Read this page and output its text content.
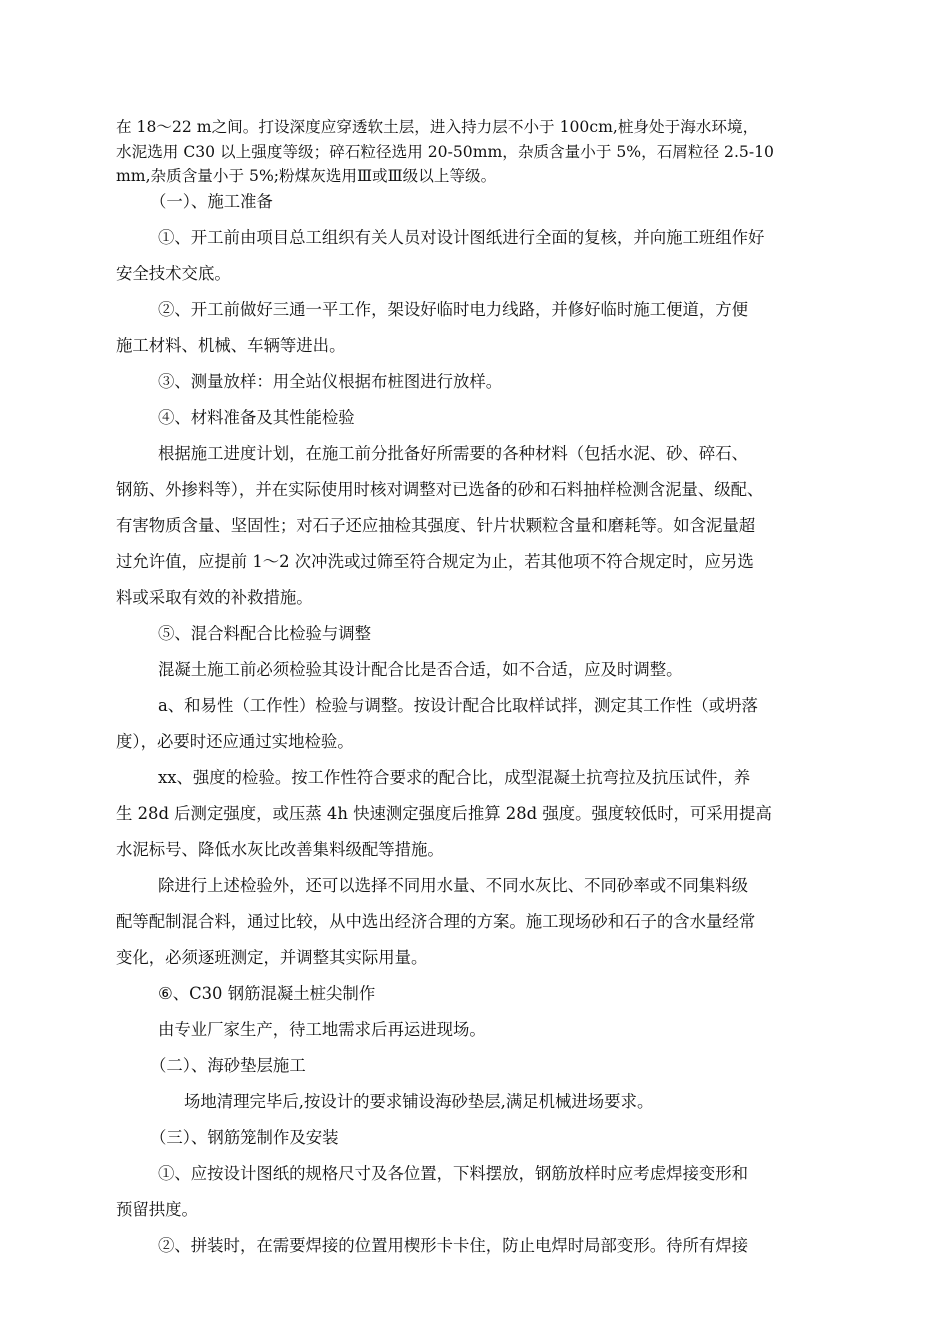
在 18～22 m之间。打设深度应穿透软土层，进入持力层不小于 100cm,桩身处于海水环境，
水泥选用 C30 以上强度等级；碎石粒径选用 20-50mm，杂质含量小于 5%，石屑粒径 2.5-10
mm,杂质含量小于 5%;粉煤灰选用Ⅲ或Ⅲ级以上等级。
（一）、施工准备
①、开工前由项目总工组织有关人员对设计图纸进行全面的复核，并向施工班组作好
安全技术交底。
②、开工前做好三通一平工作，架设好临时电力线路，并修好临时施工便道，方便
施工材料、机械、车辆等进出。
③、测量放样：用全站仪根据布桩图进行放样。
④、材料准备及其性能检验
根据施工进度计划，在施工前分批备好所需要的各种材料（包括水泥、砂、碎石、
钢筋、外掺料等），并在实际使用时核对调整对已选备的砂和石料抽样检测含泥量、级配、
有害物质含量、坚固性；对石子还应抽检其强度、针片状颗粒含量和磨耗等。如含泥量超
过允许值，应提前 1～2 次冲洗或过筛至符合规定为止，若其他项不符合规定时，应另选
料或采取有效的补救措施。
⑤、混合料配合比检验与调整
混凝土施工前必须检验其设计配合比是否合适，如不合适，应及时调整。
a、和易性（工作性）检验与调整。按设计配合比取样试拌，测定其工作性（或坍落
度），必要时还应通过实地检验。
xx、强度的检验。按工作性符合要求的配合比，成型混凝土抗弯拉及抗压试件，养
生 28d 后测定强度，或压蒸 4h 快速测定强度后推算 28d 强度。强度较低时，可采用提高
水泥标号、降低水灰比改善集料级配等措施。
除进行上述检验外，还可以选择不同用水量、不同水灰比、不同砂率或不同集料级
配等配制混合料，通过比较，从中选出经济合理的方案。施工现场砂和石子的含水量经常
变化，必须逐班测定，并调整其实际用量。
⑥、C30 钢筋混凝土桩尖制作
由专业厂家生产，待工地需求后再运进现场。
（二）、海砂垫层施工
场地清理完毕后,按设计的要求铺设海砂垫层,满足机械进场要求。
（三）、钢筋笼制作及安装
①、应按设计图纸的规格尺寸及各位置，下料摆放，钢筋放样时应考虑焊接变形和
预留拱度。
②、拼装时，在需要焊接的位置用楔形卡卡住，防止电焊时局部变形。待所有焊接
